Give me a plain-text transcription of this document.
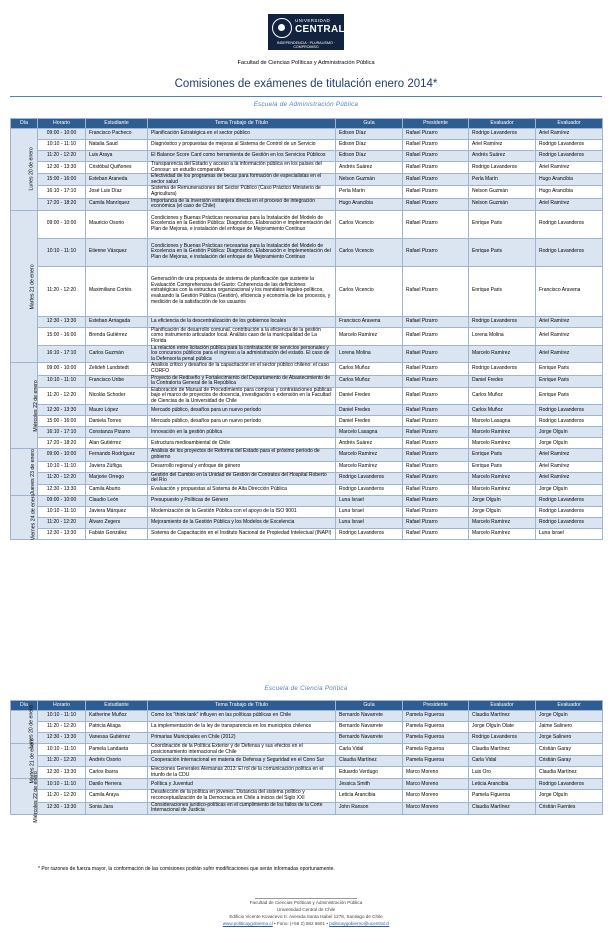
UNIVERSIDAD
CENTRAL
INDEPENDENCIA · PLURALISMO · COMPROMISO
Facultad de Ciencias Políticas y Administración Pública
Comisiones de exámenes de titulación enero 2014*
Escuela de Administración Pública
Día	Horario	Estudiante	Tema Trabajo de Título	Guía	Presidente	Evaluador	Evaluador
Lunes 20 de enero	09:00 - 10:00	Francisco Pacheco	Planificación Estratégica en el sector público	Edison Díaz	Rafael Pizarro	Rodrigo Lavanderos	Ariel Ramírez
	10:10 - 11:10	Natalia Saud	Diagnóstico y propuestas de mejoras al Sistema de Control de un Servicio	Edison Díaz	Rafael Pizarro	Ariel Ramírez	Rodrigo Lavanderos
	11:20 - 12:20	Luis Araya	El Balance Score Card como herramienta de Gestión en los Servicios Públicos	Edison Díaz	Rafael Pizarro	Andrés Suárez	Rodrigo Lavanderos
	12:30 - 13:30	Cristóbal Quiñones	Transparencia del Estado y acceso a la información pública en los países del Conosur: un estudio comparativo	Andrés Suárez	Rafael Pizarro	Rodrigo Lavanderos	Ariel Ramírez
	15:00 - 16:00	Esteban Araneda	Efectividad de los programas de becas para formación de especialistas en el sector salud	Nelson Guzmán	Rafael Pizarro	Perla Marín	Hugo Arancibia
	16:10 - 17:10	José Luis Díaz	Sistema de Remuneraciones del Sector Público (Caso Práctico Ministerio de Agricultura)	Perla Marín	Rafael Pizarro	Nelson Guzmán	Hugo Arancibia
	17:20 - 18:20	Camila Manríquez	Importancia de la inversión extranjera directa en el proceso de integración económica (el caso de Chile)	Hugo Arancibia	Rafael Pizarro	Nelson Guzmán	Ariel Ramírez
Martes 21 de enero	09:00 - 10:00	Mauricio Osorio	Condiciones y Buenas Prácticas necesarias para la Instalación del Modelo de Excelencia en la Gestión Pública: Diagnóstico, Elaboración e Implementación del Plan de Mejoras, e instalación del enfoque de Mejoramiento Continuo	Carlos Vicencio	Rafael Pizarro	Enrique Paris	Rodrigo Lavanderos
	10:10 - 11:10	Etienne Vásquez	Condiciones y Buenas Prácticas necesarias para la Instalación del Modelo de Excelencia en la Gestión Pública: Diagnóstico, Elaboración e Implementación del Plan de Mejoras, e instalación del enfoque de Mejoramiento Continuo	Carlos Vicencio	Rafael Pizarro	Enrique Paris	Rodrigo Lavanderos
	11:20 - 12:20	Maximiliano Cortés	Generación de una propuesta de sistema de planificación que sustente la Evaluación Comprehensiva del Gasto: Coherencia de las definiciones estratégicas con la estructura organizacional y los mandatos legales-políticos, evaluando la Gestión Pública (Gestión), eficiencia y economía de los procesos, y medición de la satisfacción de los usuarios	Carlos Vicencio	Rafael Pizarro	Enrique Paris	Francisco Aravena
	12:30 - 13:30	Esteban Arriagada	La eficiencia de la descentralización de los gobiernos locales	Francisco Aravena	Rafael Pizarro	Rodrigo Lavanderos	Ariel Ramírez
	15:00 - 16:00	Brenda Gutiérrez	Planificación de desarrollo comunal, contribución a la eficiencia de la gestión como instrumento articulador local. Análisis caso de la municipalidad de La Florida	Marcelo Ramírez	Rafael Pizarro	Lorena Molina	Ariel Ramírez
	16:10 - 17:10	Carlos Guzmán	La relación entre licitación pública para la contratación de servicios personales y los concursos públicos para el ingreso a la administración del estado. El caso de la Defensoría penal pública	Lorena Molina	Rafael Pizarro	Marcelo Ramírez	Ariel Ramírez
Miércoles 22 de enero	09:00 - 10:00	Zelideh Lundstedt	Análisis crítico y desafíos de la capacitación en el sector público chileno: el caso CORFO	Carlos Muñoz	Rafael Pizarro	Rodrigo Lavanderos	Enrique Paris
	10:10 - 11:10	Francisco Uribe	Proyecto de Rediseño y Fortalecimiento del Departamento de Abastecimiento de la Contraloría General de la República	Carlos Muñoz	Rafael Pizarro	Daniel Fredes	Enrique Paris
	11:20 - 12:20	Nicolás Schoder	Elaboración de Manual de Procedimiento para compras y contrataciones públicas bajo el marco de proyectos de docencia, investigación o extensión en la Facultad de Ciencias de la Universidad de Chile	Daniel Fredes	Rafael Pizarro	Carlos Muñoz	Enrique Paris
	12:30 - 13:30	Mauro López	Mercado público, desafíos para un nuevo período	Daniel Fredes	Rafael Pizarro	Carlos Muñoz	Rodrigo Lavanderos
	15:00 - 16:00	Daniela Torres	Mercado público, desafíos para un nuevo período	Daniel Fredes	Rafael Pizarro	Marcelo Lasagna	Rodrigo Lavanderos
	16:10 - 17:10	Constanza Pizarro	Innovación en la gestión pública	Marcelo Lasagna	Rafael Pizarro	Marcelo Ramírez	Jorge Olguín
	17:20 - 18:20	Alan Gutiérrez	Estructura medioambiental de Chile	Andrés Suárez	Rafael Pizarro	Marcelo Ramírez	Jorge Olguín
Jueves 23 de enero	09:00 - 10:00	Fernando Rodríguez	Análisis de los proyectos de Reforma del Estado para el próximo período de gobierno	Marcelo Ramírez	Rafael Pizarro	Enrique Paris	Ariel Ramírez
	10:10 - 11:10	Javiera Zúñiga	Desarrollo regional y enfoque de género	Marcelo Ramírez	Rafael Pizarro	Enrique Paris	Ariel Ramírez
	11:20 - 12:20	Marjorie Orrego	Gestión del Cambio en la Unidad de Gestión de Contratos del Hospital Roberto del Río	Rodrigo Lavanderos	Rafael Pizarro	Marcelo Ramírez	Ariel Ramírez
	12:30 - 13:30	Camila Aburto	Evaluación y propuestas al Sistema de Alta Dirección Pública	Rodrigo Lavanderos	Rafael Pizarro	Marcelo Ramírez	Jorge Olguín
Viernes 24 de enero	09:00 - 10:00	Claudio León	Presupuesto y Políticas de Género	Luna Israel	Rafael Pizarro	Jorge Olguín	Rodrigo Lavanderos
	10:10 - 11:10	Javiera Márquez	Modernización de la Gestión Pública con el apoyo de la ISO 9001	Luna Israel	Rafael Pizarro	Jorge Olguín	Rodrigo Lavanderos
	11:20 - 12:20	Álvaro Zegers	Mejoramiento de la Gestión Pública y los Modelos de Excelencia	Luna Israel	Rafael Pizarro	Marcelo Ramírez	Rodrigo Lavanderos
	12:30 - 13:30	Fabián González	Sistema de Capacitación en el Instituto Nacional de Propiedad Intelectual (INAPI)	Rodrigo Lavanderos	Rafael Pizarro	Marcelo Ramírez	Luna Israel
Escuela de Ciencia Política
Día	Horario	Estudiante	Tema Trabajo de Título	Guía	Presidente	Evaluador	Evaluador
Lunes 20 de enero	10:10 - 11:10	Katherine Muñoz	Como los "think tank" influyen en las políticas públicas en Chile	Bernardo Navarrete	Pamela Figueroa	Claudia Martínez	Jorge Olguín
	11:20 - 12:20	Patricia Aliaga	La implementación de la ley de transparencia en los municipios chilenos	Bernardo Navarrete	Pamela Figueroa	Jorge Olguín Olate	Jaime Salinero
	12:30 - 13:30	Vanessa Gutiérrez	Primarias Municipales en Chile (2012)	Bernardo Navarrete	Pamela Figueroa	Rodrigo Lavanderos	Jorge Salinero
Martes 21 de enero	10:10 - 11:10	Pamela Landaeta	Coordinación de la Política Exterior y de Defensa y sus efectos en el posicionamiento internacional de Chile	Carla Vidal	Pamela Figueroa	Claudia Martínez	Cristián Garay
	11:20 - 12:20	Andrés Osorio	Cooperación Internacional en materia de Defensa y Seguridad en el Cono Sur	Claudia Martínez	Pamela Figueroa	Carla Vidal	Cristián Garay
	12:30 - 13:30	Carlos Ibarra	Elecciones Generales Alemanas 2013: El rol de la comunicación política en el triunfo de la CDU	Eduardo Verdugo	Marco Moreno	Luis Oro	Claudia Martínez
Miércoles 22 de enero	10:10 - 11:10	Danilo Herrera	Política y Juventud	Jessica Smith	Marco Moreno	Leticia Arancibia	Rodrigo Lavanderos
	11:20 - 12:20	Camila Araya	Desafección de la política en jóvenes. Distancia del sistema político y reconceptualización de la Democracia en Chile a inicios del Siglo XXI	Leticia Arancibia	Marco Moreno	Pamela Figueroa	Jorge Olguín
	12:30 - 13:30	Sonia Jara	Consideraciones jurídico-políticas en el cumplimiento de los fallos de la Corte Internacional de Justicia	John Ranson	Marco Moreno	Claudia Martínez	Cristián Fuentes
* Por razones de fuerza mayor, la conformación de las comisiones podrán sufrir modificaciones que serán informadas oportunamente.
Facultad de Ciencias Políticas y Administración Pública
Universidad Central de Chile
Edificio Vicente Kovacevic II. Avenida Santa Isabel 1278, Santiago de Chile
www.politicaygobierno.cl • Fono: (+56 2) 582 6601 • politicaygobierno@ucentral.cl
